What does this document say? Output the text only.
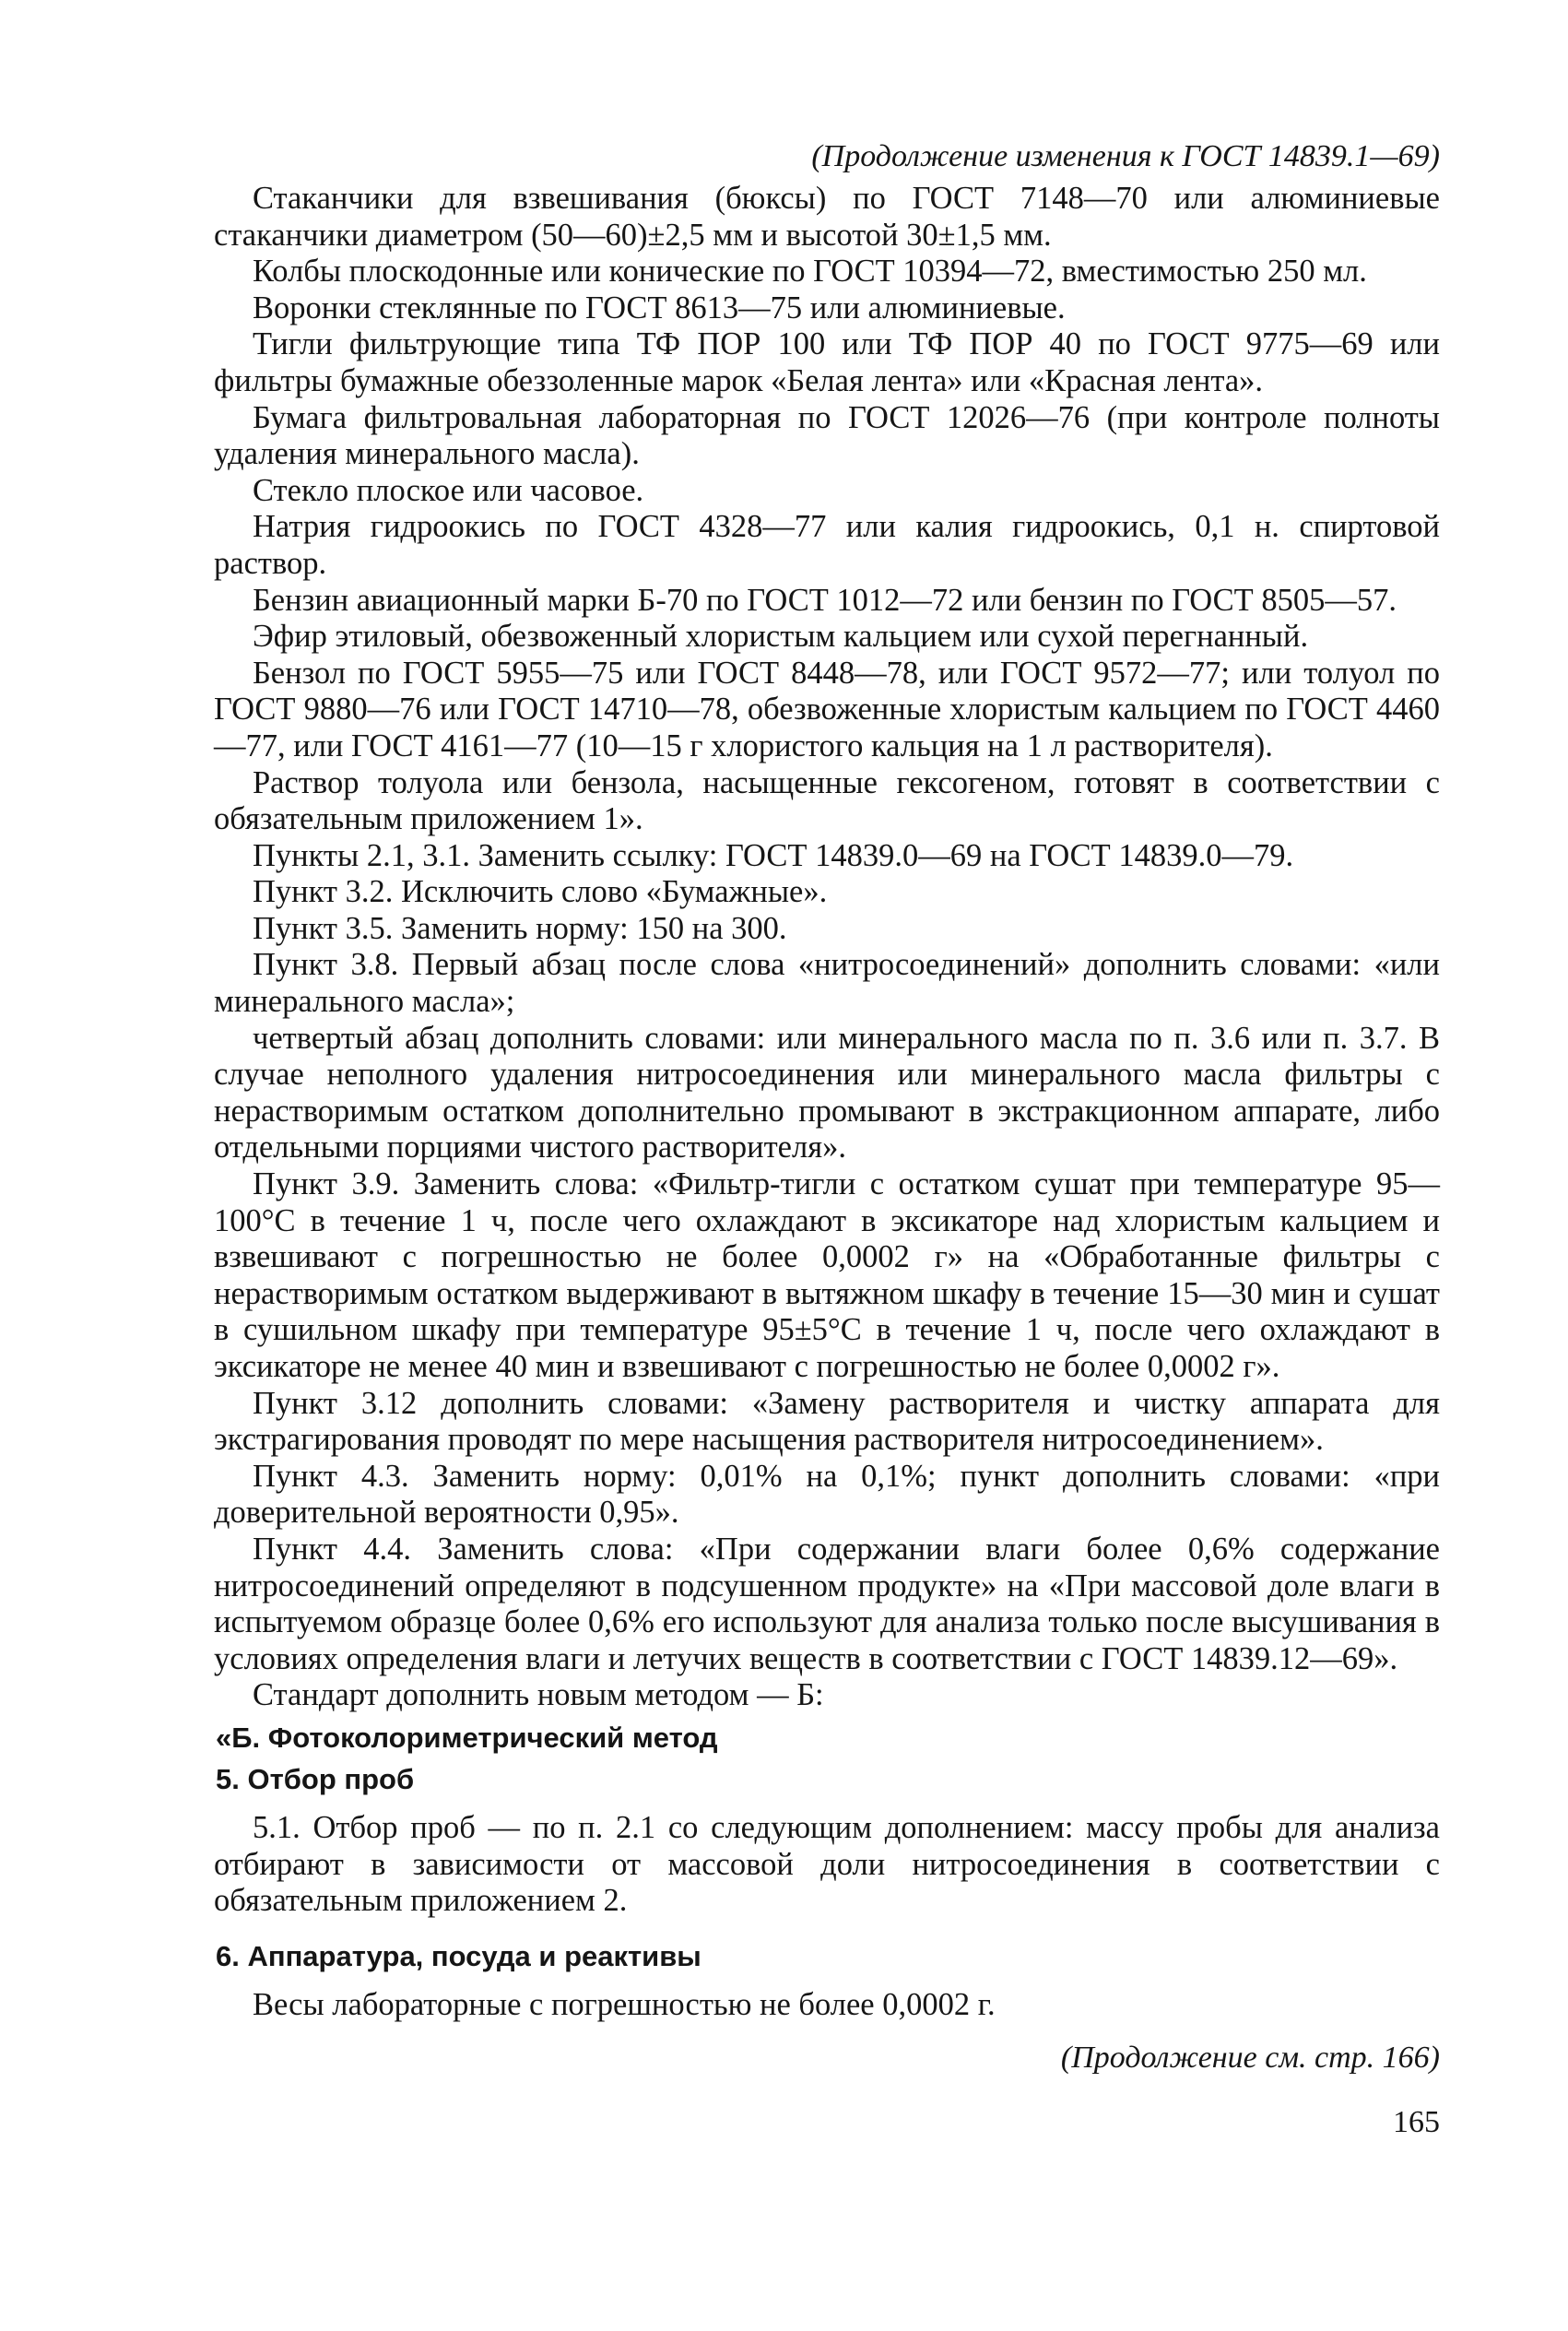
(Продолжение изменения к ГОСТ 14839.1—69)

Стаканчики для взвешивания (бюксы) по ГОСТ 7148—70 или алюминиевые стаканчики диаметром (50—60)±2,5 мм и высотой 30±1,5 мм.

Колбы плоскодонные или конические по ГОСТ 10394—72, вместимостью 250 мл.

Воронки стеклянные по ГОСТ 8613—75 или алюминиевые.

Тигли фильтрующие типа ТФ ПОР 100 или ТФ ПОР 40 по ГОСТ 9775—69 или фильтры бумажные обеззоленные марок «Белая лента» или «Красная лента».

Бумага фильтровальная лабораторная по ГОСТ 12026—76 (при контроле полноты удаления минерального масла).

Стекло плоское или часовое.

Натрия гидроокись по ГОСТ 4328—77 или калия гидроокись, 0,1 н. спиртовой раствор.

Бензин авиационный марки Б-70 по ГОСТ 1012—72 или бензин по ГОСТ 8505—57.

Эфир этиловый, обезвоженный хлористым кальцием или сухой перегнанный.

Бензол по ГОСТ 5955—75 или ГОСТ 8448—78, или ГОСТ 9572—77; или толуол по ГОСТ 9880—76 или ГОСТ 14710—78, обезвоженные хлористым кальцием по ГОСТ 4460—77, или ГОСТ 4161—77 (10—15 г хлористого кальция на 1 л растворителя).

Раствор толуола или бензола, насыщенные гексогеном, готовят в соответствии с обязательным приложением 1».

Пункты 2.1, 3.1. Заменить ссылку: ГОСТ 14839.0—69 на ГОСТ 14839.0—79.

Пункт 3.2. Исключить слово «Бумажные».

Пункт 3.5. Заменить норму: 150 на 300.

Пункт 3.8. Первый абзац после слова «нитросоединений» дополнить словами: «или минерального масла»;

четвертый абзац дополнить словами: или минерального масла по п. 3.6 или п. 3.7. В случае неполного удаления нитросоединения или минерального масла фильтры с нерастворимым остатком дополнительно промывают в экстракционном аппарате, либо отдельными порциями чистого растворителя».

Пункт 3.9. Заменить слова: «Фильтр-тигли с остатком сушат при температуре 95—100°С в течение 1 ч, после чего охлаждают в эксикаторе над хлористым кальцием и взвешивают с погрешностью не более 0,0002 г» на «Обработанные фильтры с нерастворимым остатком выдерживают в вытяжном шкафу в течение 15—30 мин и сушат в сушильном шкафу при температуре 95±5°С в течение 1 ч, после чего охлаждают в эксикаторе не менее 40 мин и взвешивают с погрешностью не более 0,0002 г».

Пункт 3.12 дополнить словами: «Замену растворителя и чистку аппарата для экстрагирования проводят по мере насыщения растворителя нитросоединением».

Пункт 4.3. Заменить норму: 0,01% на 0,1%; пункт дополнить словами: «при доверительной вероятности 0,95».

Пункт 4.4. Заменить слова: «При содержании влаги более 0,6% содержание нитросоединений определяют в подсушенном продукте» на «При массовой доле влаги в испытуемом образце более 0,6% его используют для анализа только после высушивания в условиях определения влаги и летучих веществ в соответствии с ГОСТ 14839.12—69».

Стандарт дополнить новым методом — Б:

«Б. Фотоколориметрический метод
5. Отбор проб

5.1. Отбор проб — по п. 2.1 со следующим дополнением: массу пробы для анализа отбирают в зависимости от массовой доли нитросоединения в соответствии с обязательным приложением 2.

6. Аппаратура, посуда и реактивы

Весы лабораторные с погрешностью не более 0,0002 г.

(Продолжение см. стр. 166)
165
